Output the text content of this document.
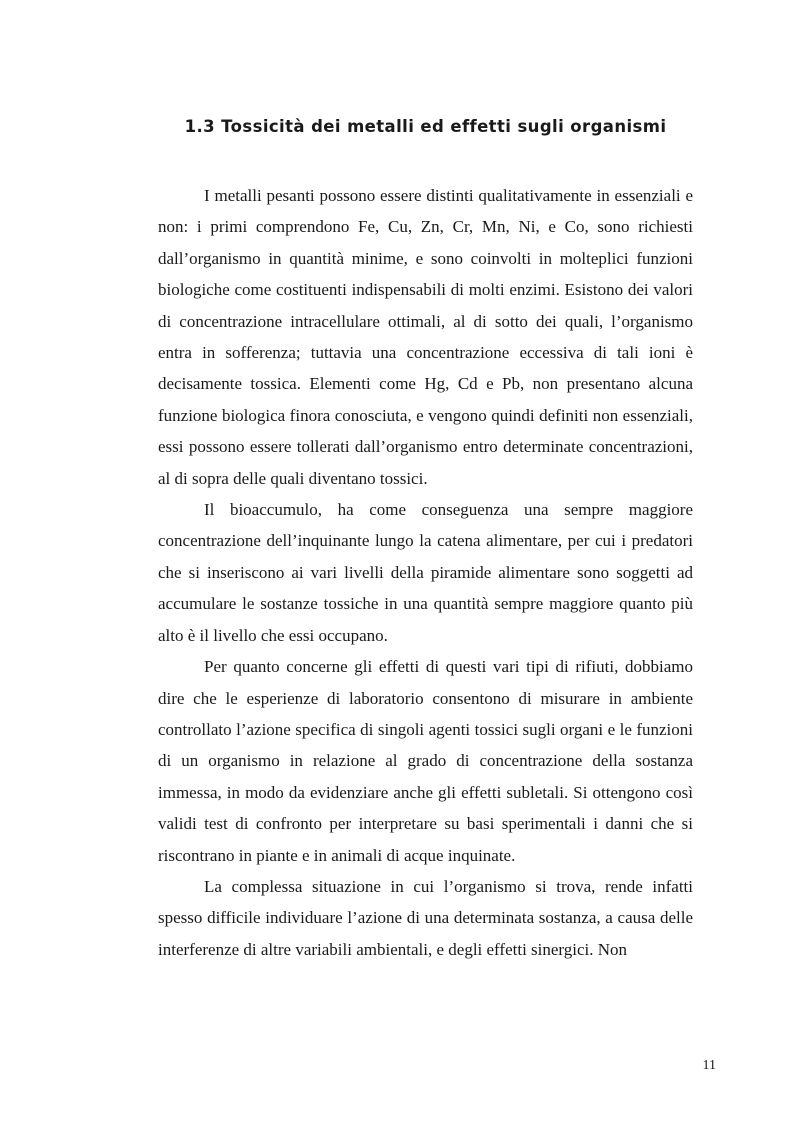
1.3 Tossicità dei metalli ed effetti sugli organismi

I metalli pesanti possono essere distinti qualitativamente in essenziali e non: i primi comprendono Fe, Cu, Zn, Cr, Mn, Ni, e Co, sono richiesti dall’organismo in quantità minime, e sono coinvolti in molteplici funzioni biologiche come costituenti indispensabili di molti enzimi. Esistono dei valori di concentrazione intracellulare ottimali, al di sotto dei quali, l’organismo entra in sofferenza; tuttavia una concentrazione eccessiva di tali ioni è decisamente tossica. Elementi come Hg, Cd e Pb, non presentano alcuna funzione biologica finora conosciuta, e vengono quindi definiti non essenziali, essi possono essere tollerati dall’organismo entro determinate concentrazioni, al di sopra delle quali diventano tossici.

Il bioaccumulo, ha come conseguenza una sempre maggiore concentrazione dell’inquinante lungo la catena alimentare, per cui i predatori che si inseriscono ai vari livelli della piramide alimentare sono soggetti ad accumulare le sostanze tossiche in una quantità sempre maggiore quanto più alto è il livello che essi occupano.

Per quanto concerne gli effetti di questi vari tipi di rifiuti, dobbiamo dire che le esperienze di laboratorio consentono di misurare in ambiente controllato l’azione specifica di singoli agenti tossici sugli organi e le funzioni di un organismo in relazione al grado di concentrazione della sostanza immessa, in modo da evidenziare anche gli effetti subletali. Si ottengono così validi test di confronto per interpretare su basi sperimentali i danni che si riscontrano in piante e in animali di acque inquinate.

La complessa situazione in cui l’organismo si trova, rende infatti spesso difficile individuare l’azione di una determinata sostanza, a causa delle interferenze di altre variabili ambientali, e degli effetti sinergici. Non

11
